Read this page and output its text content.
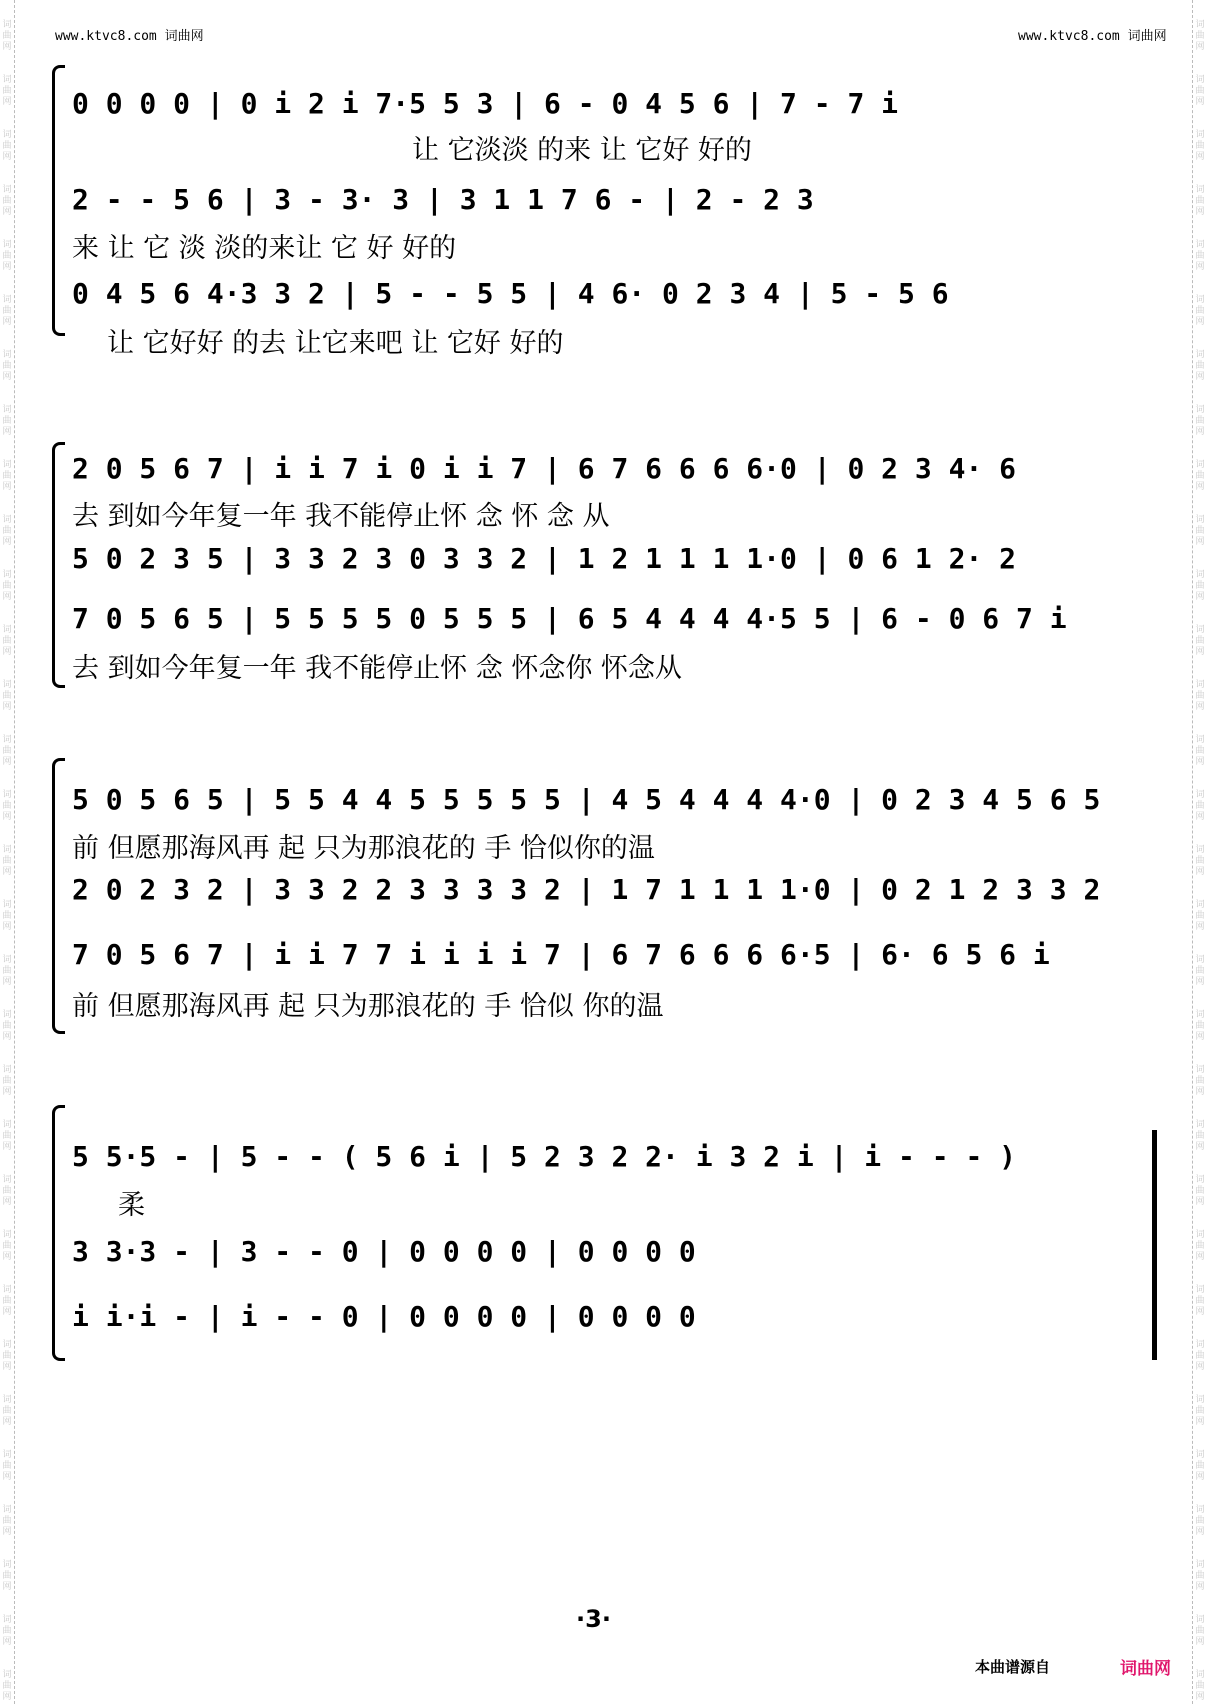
www.ktvc8.com 词曲网	www.ktvc8.com 词曲网
0 0 0 0 | 0 i 2 i 7·5 5 3 | 6 - 0 4 5 6 | 7 - 7 i
让 它淡淡 的来 让 它好 好的
2 - - 5 6 | 3 - 3· 3 | 3 1 1 7 6 - | 2 - 2 3
来 让 它 淡 淡的来让 它 好 好的
0 4 5 6 4·3 3 2 | 5 - - 5 5 | 4 6· 0 2 3 4 | 5 - 5 6
让 它好好 的去 让它来吧 让 它好 好的
2 0 5 6 7 | i i 7 i 0 i i 7 | 6 7 6 6 6 6·0 | 0 2 3 4· 6
去 到如今年复一年 我不能停止怀 念 怀 念 从
5 0 2 3 5 | 3 3 2 3 0 3 3 2 | 1 2 1 1 1 1·0 | 0 6 1 2· 2
7 0 5 6 5 | 5 5 5 5 0 5 5 5 | 6 5 4 4 4 4·5 5 | 6 - 0 6 7 i
去 到如今年复一年 我不能停止怀 念 怀念你 怀念从
5 0 5 6 5 | 5 5 4 4 5 5 5 5 5 | 4 5 4 4 4 4·0 | 0 2 3 4 5 6 5
前 但愿那海风再 起 只为那浪花的 手 恰似你的温
2 0 2 3 2 | 3 3 2 2 3 3 3 3 2 | 1 7 1 1 1 1·0 | 0 2 1 2 3 3 2
7 0 5 6 7 | i i 7 7 i i i i 7 | 6 7 6 6 6 6·5 | 6· 6 5 6 i
前 但愿那海风再 起 只为那浪花的 手 恰似 你的温
5 5·5 - | 5 - - ( 5 6 i | 5 2 3 2 2· i 3 2 i | i - - - )
柔
3 3·3 - | 3 - - 0 | 0 0 0 0 | 0 0 0 0
i i·i - | i - - 0 | 0 0 0 0 | 0 0 0 0
·3·
本曲谱源自	词曲网
词
曲
网
词
曲
网
词
曲
网
词
曲
网
词
曲
网
词
曲
网
词
曲
网
词
曲
网
词
曲
网
词
曲
网
词
曲
网
词
曲
网
词
曲
网
词
曲
网
词
曲
网
词
曲
网
词
曲
网
词
曲
网
词
曲
网
词
曲
网
词
曲
网
词
曲
网
词
曲
网
词
曲
网
词
曲
网
词
曲
网
词
曲
网
词
曲
网
词
曲
网
词
曲
网
词
曲
网
词
曲
网
词
曲
网
词
曲
网
词
曲
网
词
曲
网
词
曲
网
词
曲
网
词
曲
网
词
曲
网
词
曲
网
词
曲
网
词
曲
网
词
曲
网
词
曲
网
词
曲
网
词
曲
网
词
曲
网
词
曲
网
词
曲
网
词
曲
网
词
曲
网
词
曲
网
词
曲
网
词
曲
网
词
曲
网
词
曲
网
词
曲
网
词
曲
网
词
曲
网
词
曲
网
词
曲
网
